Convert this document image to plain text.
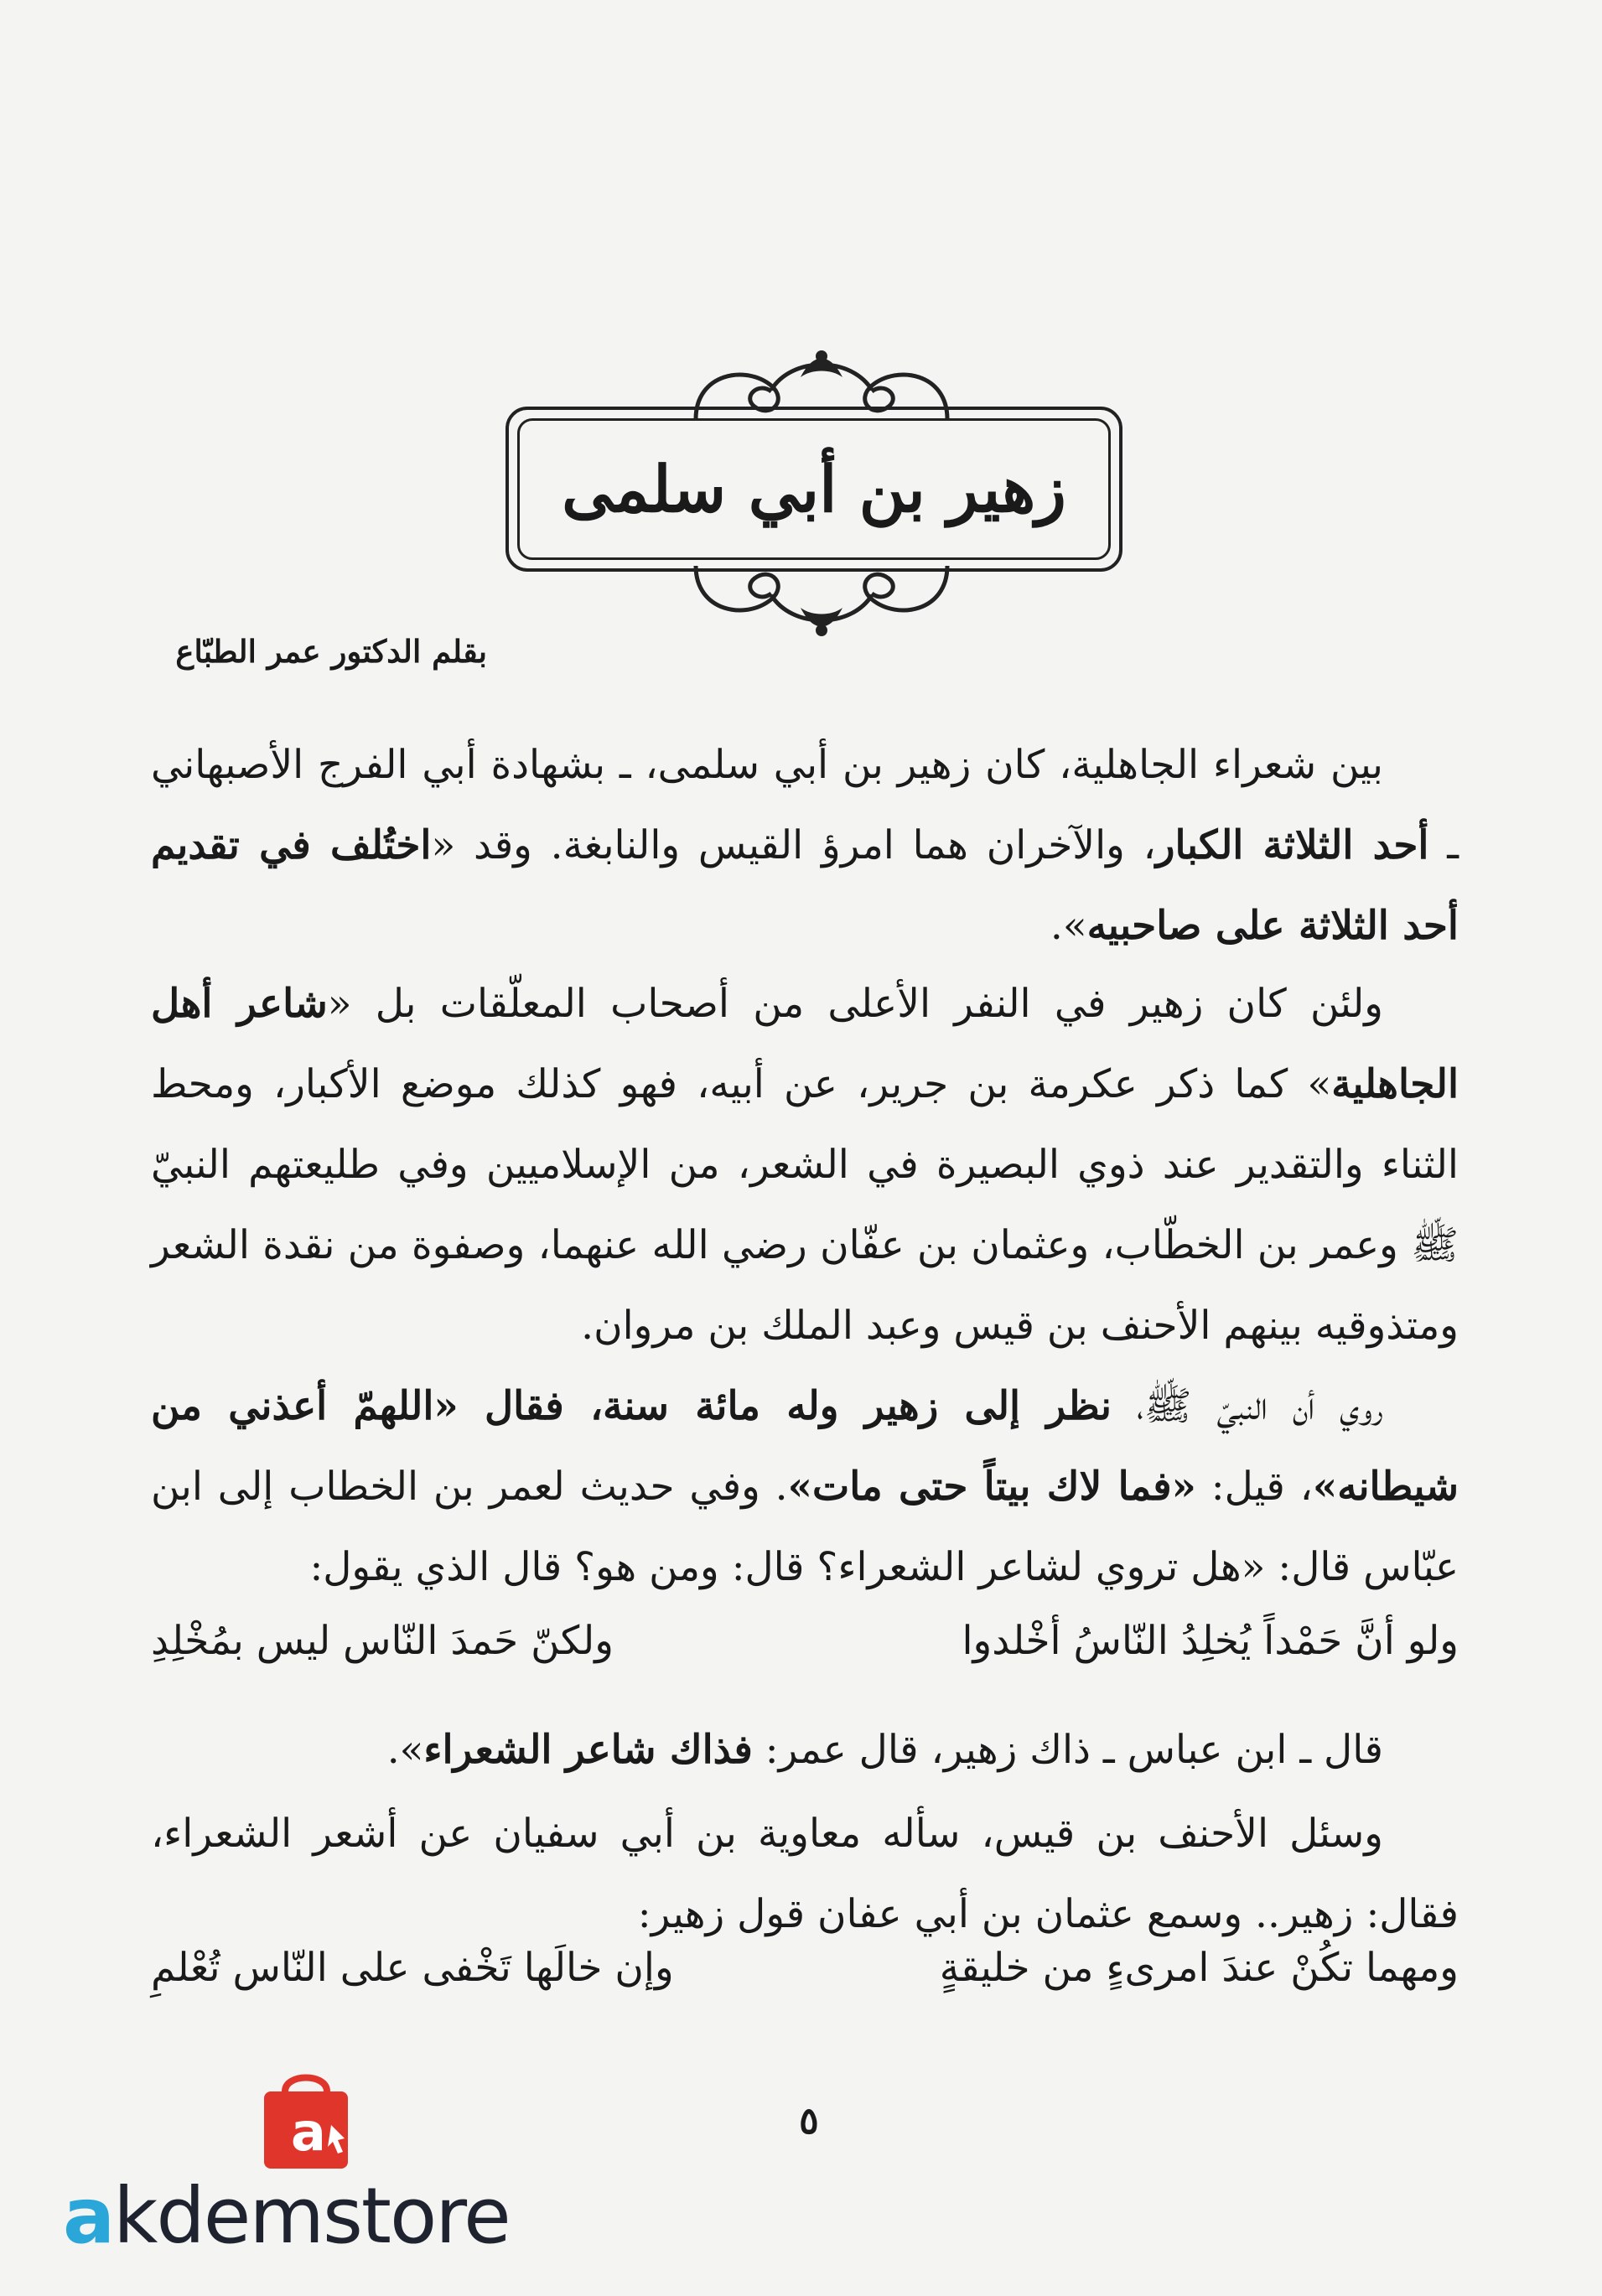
زهير بن أبي سلمى
بقلم الدكتور عمر الطبّاع

بين شعراء الجاهلية، كان زهير بن أبي سلمى، ـ بشهادة أبي الفرج الأصبهاني ـ أحد الثلاثة الكبار، والآخران هما امرؤ القيس والنابغة. وقد «اختُلف في تقديم أحد الثلاثة على صاحبيه».

ولئن كان زهير في النفر الأعلى من أصحاب المعلّقات بل «شاعر أهل الجاهلية» كما ذكر عكرمة بن جرير، عن أبيه، فهو كذلك موضع الأكبار، ومحط الثناء والتقدير عند ذوي البصيرة في الشعر، من الإسلاميين وفي طليعتهم النبيّ ﷺ وعمر بن الخطّاب، وعثمان بن عفّان رضي الله عنهما، وصفوة من نقدة الشعر ومتذوقيه بينهم الأحنف بن قيس وعبد الملك بن مروان.

روي أن النبيّ ﷺ، نظر إلى زهير وله مائة سنة، فقال «اللهمّ أعذني من شيطانه»، قيل: «فما لاك بيتاً حتى مات». وفي حديث لعمر بن الخطاب إلى ابن عبّاس قال: «هل تروي لشاعر الشعراء؟ قال: ومن هو؟ قال الذي يقول:

ولو أنَّ حَمْداً يُخلِدُ النّاسُ أخْلدوا
ولكنّ حَمدَ النّاس ليس بمُخْلِدِ

قال ـ ابن عباس ـ ذاك زهير، قال عمر: فذاك شاعر الشعراء».

وسئل الأحنف بن قيس، سأله معاوية بن أبي سفيان عن أشعر الشعراء، فقال: زهير.. وسمع عثمان بن أبي عفان قول زهير:

ومهما تكُنْ عندَ امرىءٍ من خليقةٍ
وإن خالَها تَخْفى على النّاس تُعْلمِ
٥
a
akdemstore
